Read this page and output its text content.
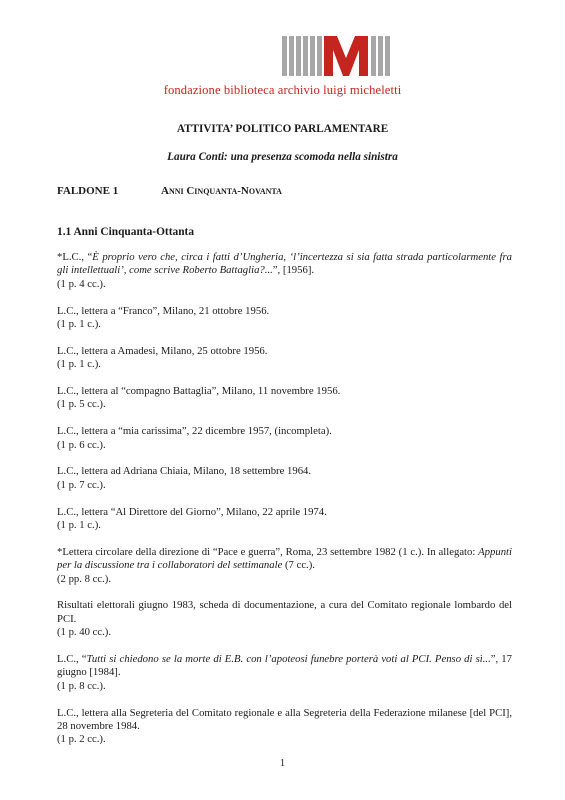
fondazione biblioteca archivio luigi micheletti
ATTIVITA’ POLITICO PARLAMENTARE
Laura Conti: una presenza scomoda nella sinistra
FALDONE 1	Anni Cinquanta-Novanta
1.1 Anni Cinquanta-Ottanta

*L.C., “È proprio vero che, circa i fatti d’Ungheria, ‘l’incertezza si sia fatta strada particolarmente fra gli intellettuali’, come scrive Roberto Battaglia?...”, [1956].

(1 p. 4 cc.).

L.C., lettera a “Franco”, Milano, 21 ottobre 1956.

(1 p. 1 c.).

L.C., lettera a Amadesi, Milano, 25 ottobre 1956.

(1 p. 1 c.).

L.C., lettera al “compagno Battaglia”, Milano, 11 novembre 1956.

(1 p. 5 cc.).

L.C., lettera a “mia carissima”, 22 dicembre 1957, (incompleta).

(1 p. 6 cc.).

L.C., lettera ad Adriana Chiaia, Milano, 18 settembre 1964.

(1 p. 7 cc.).

L.C., lettera “Al Direttore del Giorno”, Milano, 22 aprile 1974.

(1 p. 1 c.).

*Lettera circolare della direzione di “Pace e guerra”, Roma, 23 settembre 1982 (1 c.). In allegato: Appunti per la discussione tra i collaboratori del settimanale (7 cc.).

(2 pp. 8 cc.).

Risultati elettorali giugno 1983, scheda di documentazione, a cura del Comitato regionale lombardo del PCI.

(1 p. 40 cc.).

L.C., “Tutti si chiedono se la morte di E.B. con l’apoteosi funebre porterà voti al PCI. Penso di sì...”, 17 giugno [1984].

(1 p. 8 cc.).

L.C., lettera alla Segreteria del Comitato regionale e alla Segreteria della Federazione milanese [del PCI], 28 novembre 1984.

(1 p. 2 cc.).

1
